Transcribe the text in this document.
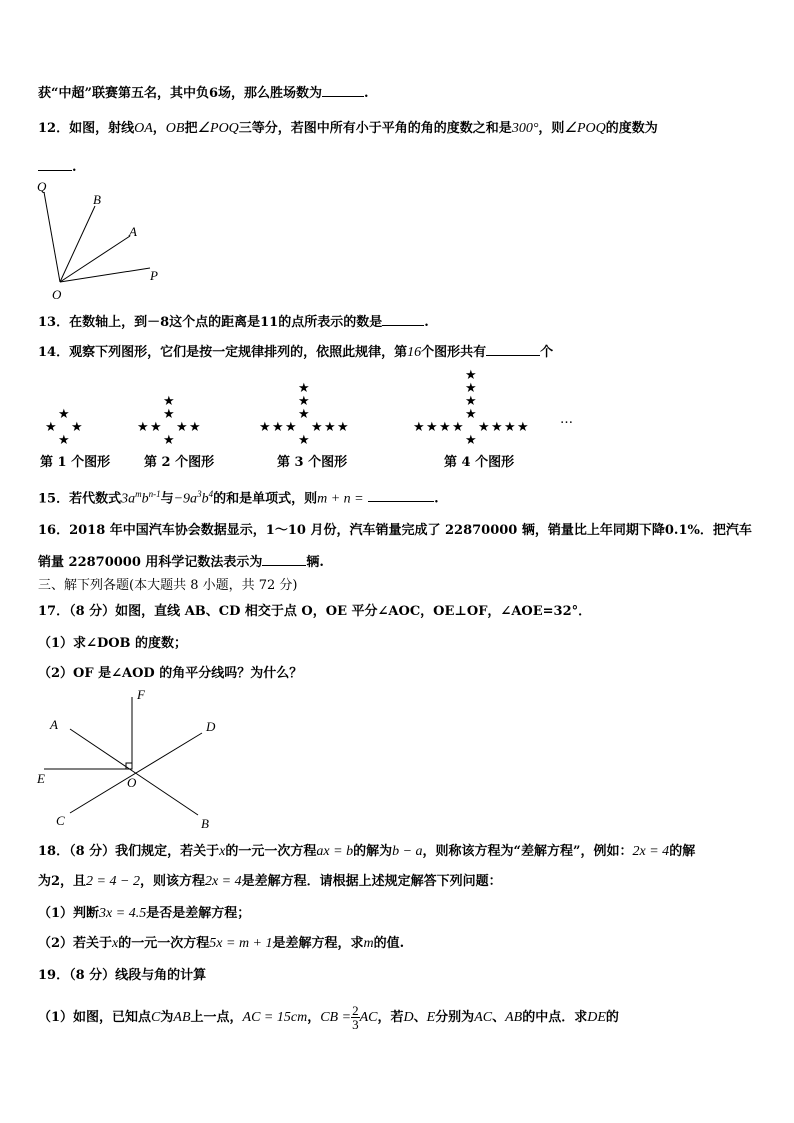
获“中超”联赛第五名，其中负6场，那么胜场数为	.
12．如图，射线OA，OB把∠POQ三等分，若图中所有小于平角的角的度数之和是300°，则∠POQ的度数为
.
Q
B
A
P
O
13．在数轴上，到－8这个点的距离是11的点所表示的数是	.
14．观察下列图形，它们是按一定规律排列的，依照此规律，第16个图形共有	个
★ ★
★
★
★ ★
★	★
★
★
★
★ ★
★	★
★	★
★
★
★
★
★ ★
★	★
★	★
★	★
★
★
★
★
★
第 1 个图形	第 2 个图形	第 3 个图形	第 4 个图形
…
15．若代数式$3a^mb^{n-1}$与$-9a^3b^4$的和是单项式，则m + n =	.
16．2018 年中国汽车协会数据显示，1～10 月份，汽车销量完成了 22870000 辆，销量比上年同期下降0.1%．把汽车
销量 22870000 用科学记数法表示为	辆.
三、解下列各题(本大题共 8 小题，共 72 分)
17．（8 分）如图，直线 AB、CD 相交于点 O，OE 平分∠AOC，OE⊥OF，∠AOE=32°．
（1）求∠DOB 的度数；
（2）OF 是∠AOD 的角平分线吗？为什么？
F
A	D
E	O
C	B
18．（8 分）我们规定，若关于x的一元一次方程ax = b的解为b − a，则称该方程为“差解方程”，例如：2x = 4的解
为2，且2 = 4 − 2，则该方程2x = 4是差解方程．请根据上述规定解答下列问题：
（1）判断3x = 4.5是否是差解方程；
（2）若关于x的一元一次方程5x = m + 1是差解方程，求m的值.
19．（8 分）线段与角的计算
（1）如图，已知点C为AB上一点，AC = 15cm，CB = $\frac{2}{3}$ AC，若D、E分别为AC、AB的中点．求DE的
